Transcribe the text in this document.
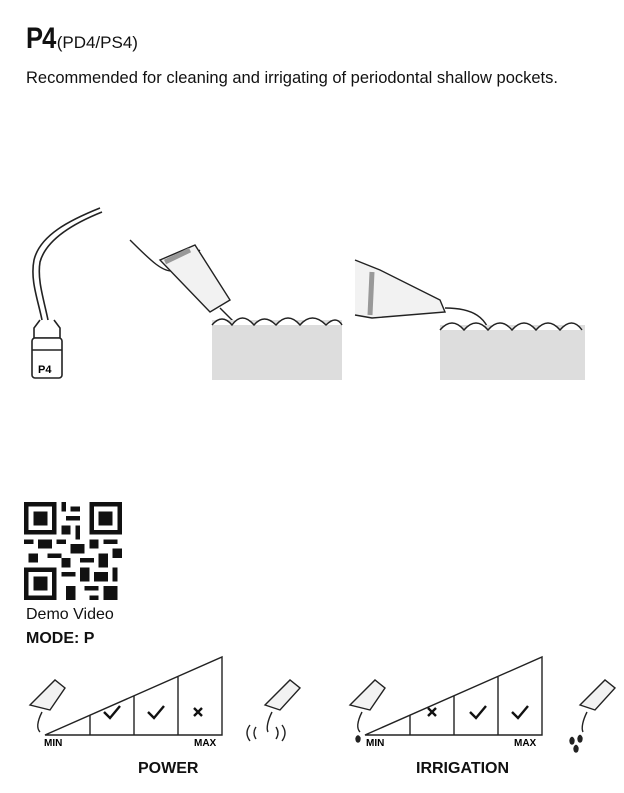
P4 (PD4/PS4)
Recommended for cleaning and irrigating of periodontal shallow pockets.
P4
Demo Video
MODE: P
MIN	MAX
POWER
MIN	MAX
IRRIGATION
